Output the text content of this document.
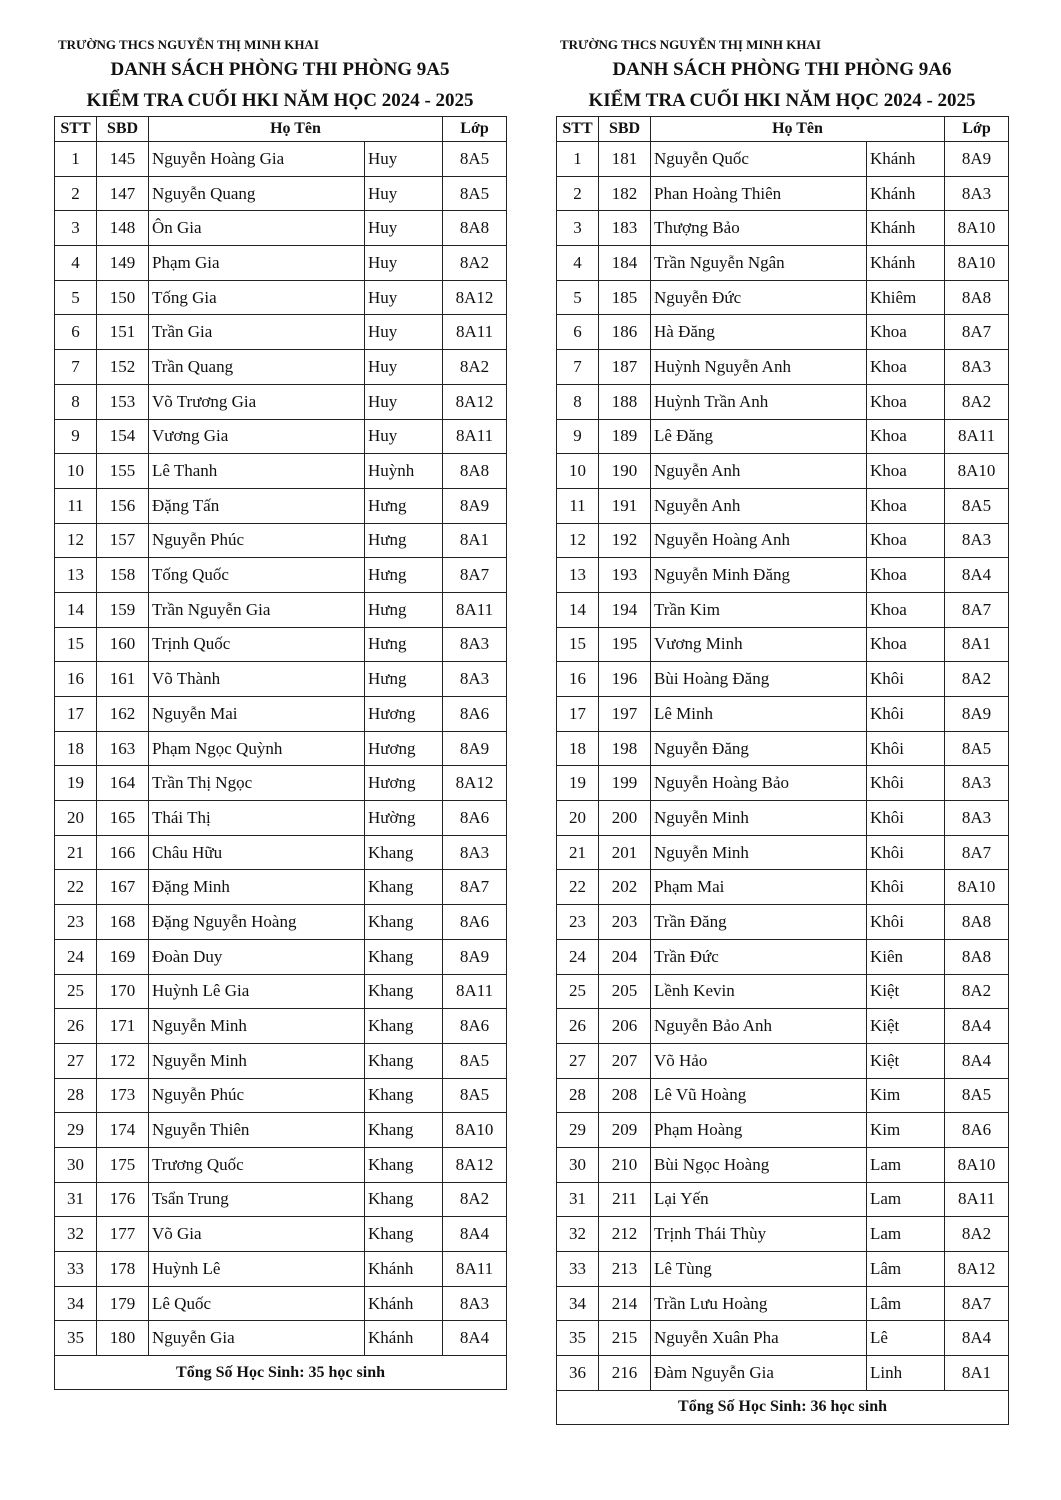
TRƯỜNG THCS NGUYỄN THỊ MINH KHAI
DANH SÁCH PHÒNG THI PHÒNG 9A5
KIỂM TRA CUỐI HKI NĂM HỌC 2024 - 2025
STT	SBD	Họ Tên		Lớp
1	145	Nguyễn Hoàng Gia	Huy	8A5
2	147	Nguyễn Quang	Huy	8A5
3	148	Ôn Gia	Huy	8A8
4	149	Phạm Gia	Huy	8A2
5	150	Tống Gia	Huy	8A12
6	151	Trần Gia	Huy	8A11
7	152	Trần Quang	Huy	8A2
8	153	Võ Trương Gia	Huy	8A12
9	154	Vương Gia	Huy	8A11
10	155	Lê Thanh	Huỳnh	8A8
11	156	Đặng Tấn	Hưng	8A9
12	157	Nguyễn Phúc	Hưng	8A1
13	158	Tống Quốc	Hưng	8A7
14	159	Trần Nguyễn Gia	Hưng	8A11
15	160	Trịnh Quốc	Hưng	8A3
16	161	Võ Thành	Hưng	8A3
17	162	Nguyễn Mai	Hương	8A6
18	163	Phạm Ngọc Quỳnh	Hương	8A9
19	164	Trần Thị Ngọc	Hương	8A12
20	165	Thái Thị	Hường	8A6
21	166	Châu Hữu	Khang	8A3
22	167	Đặng Minh	Khang	8A7
23	168	Đặng Nguyễn Hoàng	Khang	8A6
24	169	Đoàn Duy	Khang	8A9
25	170	Huỳnh Lê Gia	Khang	8A11
26	171	Nguyễn Minh	Khang	8A6
27	172	Nguyễn Minh	Khang	8A5
28	173	Nguyễn Phúc	Khang	8A5
29	174	Nguyễn Thiên	Khang	8A10
30	175	Trương Quốc	Khang	8A12
31	176	Tsẩn Trung	Khang	8A2
32	177	Võ Gia	Khang	8A4
33	178	Huỳnh Lê	Khánh	8A11
34	179	Lê Quốc	Khánh	8A3
35	180	Nguyễn Gia	Khánh	8A4
Tổng Số Học Sinh: 35 học sinh				
TRƯỜNG THCS NGUYỄN THỊ MINH KHAI
DANH SÁCH PHÒNG THI PHÒNG 9A6
KIỂM TRA CUỐI HKI NĂM HỌC 2024 - 2025
STT	SBD	Họ Tên		Lớp
1	181	Nguyễn Quốc	Khánh	8A9
2	182	Phan Hoàng Thiên	Khánh	8A3
3	183	Thượng Bảo	Khánh	8A10
4	184	Trần Nguyễn Ngân	Khánh	8A10
5	185	Nguyễn Đức	Khiêm	8A8
6	186	Hà Đăng	Khoa	8A7
7	187	Huỳnh Nguyễn Anh	Khoa	8A3
8	188	Huỳnh Trần Anh	Khoa	8A2
9	189	Lê Đăng	Khoa	8A11
10	190	Nguyễn Anh	Khoa	8A10
11	191	Nguyễn Anh	Khoa	8A5
12	192	Nguyễn Hoàng Anh	Khoa	8A3
13	193	Nguyễn Minh Đăng	Khoa	8A4
14	194	Trần Kim	Khoa	8A7
15	195	Vương Minh	Khoa	8A1
16	196	Bùi Hoàng Đăng	Khôi	8A2
17	197	Lê Minh	Khôi	8A9
18	198	Nguyễn Đăng	Khôi	8A5
19	199	Nguyễn Hoàng Bảo	Khôi	8A3
20	200	Nguyễn Minh	Khôi	8A3
21	201	Nguyễn Minh	Khôi	8A7
22	202	Phạm Mai	Khôi	8A10
23	203	Trần Đăng	Khôi	8A8
24	204	Trần Đức	Kiên	8A8
25	205	Lềnh Kevin	Kiệt	8A2
26	206	Nguyễn Bảo Anh	Kiệt	8A4
27	207	Võ Hảo	Kiệt	8A4
28	208	Lê Vũ Hoàng	Kim	8A5
29	209	Phạm Hoàng	Kim	8A6
30	210	Bùi Ngọc Hoàng	Lam	8A10
31	211	Lại Yến	Lam	8A11
32	212	Trịnh Thái Thùy	Lam	8A2
33	213	Lê Tùng	Lâm	8A12
34	214	Trần Lưu Hoàng	Lâm	8A7
35	215	Nguyễn Xuân Pha	Lê	8A4
36	216	Đàm Nguyễn Gia	Linh	8A1
Tổng Số Học Sinh: 36 học sinh				
